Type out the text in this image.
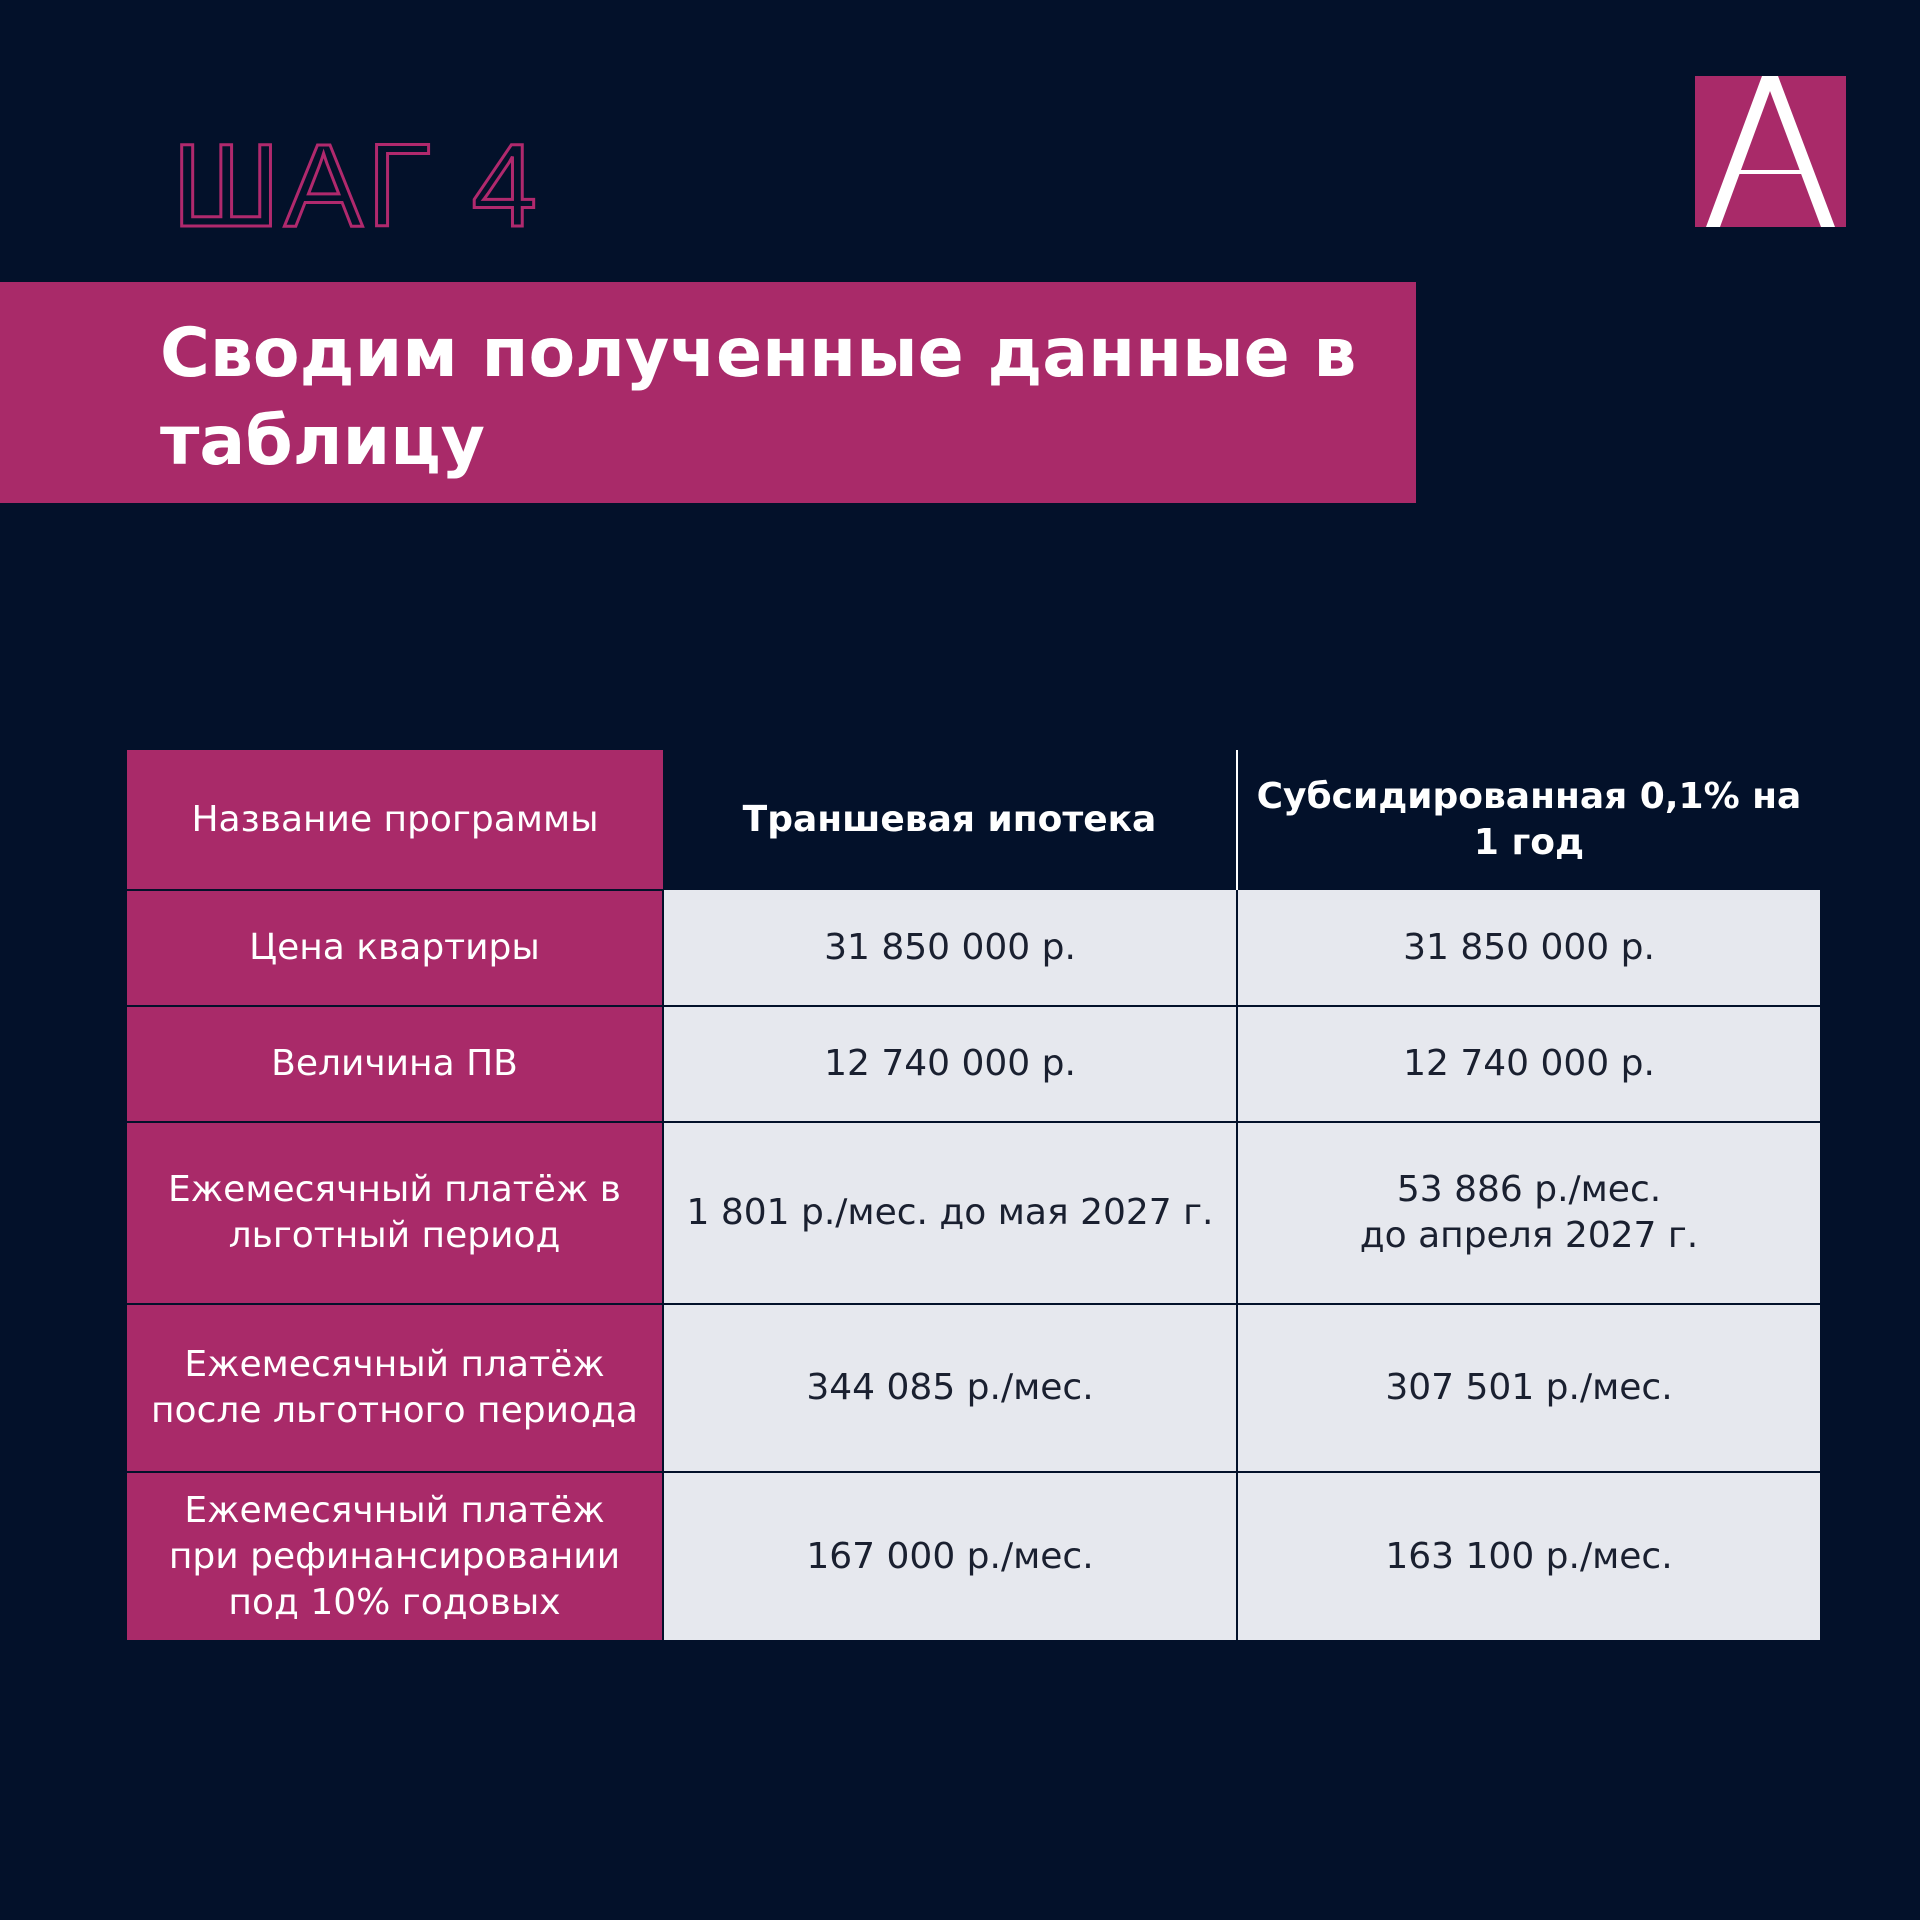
ШАГ 4
Сводим полученные данные в таблицу
Название программы	Траншевая ипотека	Субсидированная 0,1% на
1 год
Цена квартиры	31 850 000 р.	31 850 000 р.
Величина ПВ	12 740 000 р.	12 740 000 р.
Ежемесячный платёж в
льготный период	1 801 р./мес. до мая 2027 г.	53 886 р./мес.
до апреля 2027 г.
Ежемесячный платёж
после льготного периода	344 085 р./мес.	307 501 р./мес.
Ежемесячный платёж
при рефинансировании
под 10% годовых	167 000 р./мес.	163 100 р./мес.
